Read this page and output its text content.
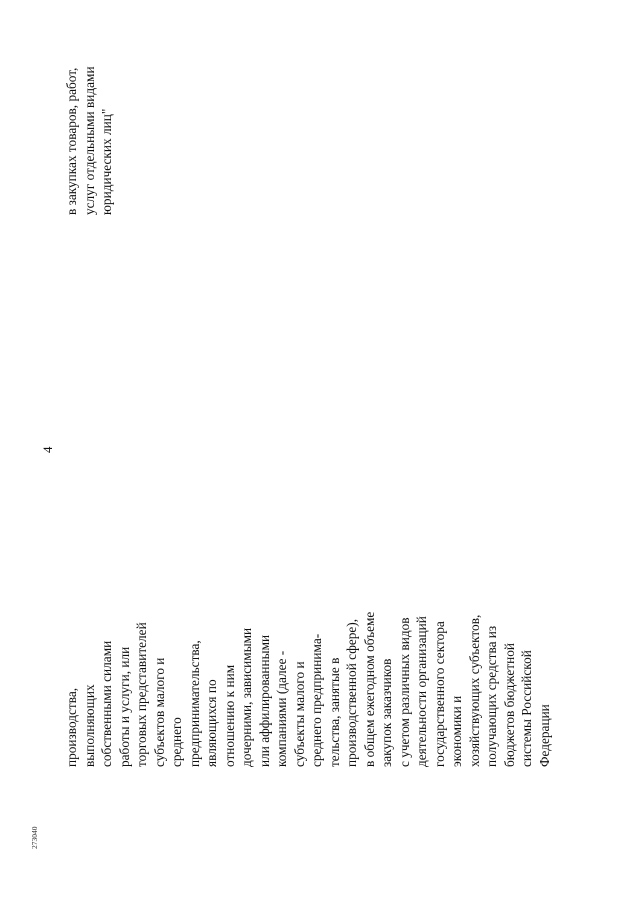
273040
4
производства, выполняющих собственными силами работы и услуги, или торговых представителей субъектов малого и среднего предпринимательства, являющихся по отношению к ним дочерними, зависимыми или аффилированными компаниями (далее - субъекты малого и среднего предпринима- тельства, занятые в производственной сфере), в общем ежегодном объеме закупок заказчиков с учетом различных видов деятельности организаций государственного сектора экономики и хозяйствующих субъектов, получающих средства из бюджетов бюджетной системы Российской Федерации
в закупках товаров, работ, услуг отдельными видами юридических лиц"
